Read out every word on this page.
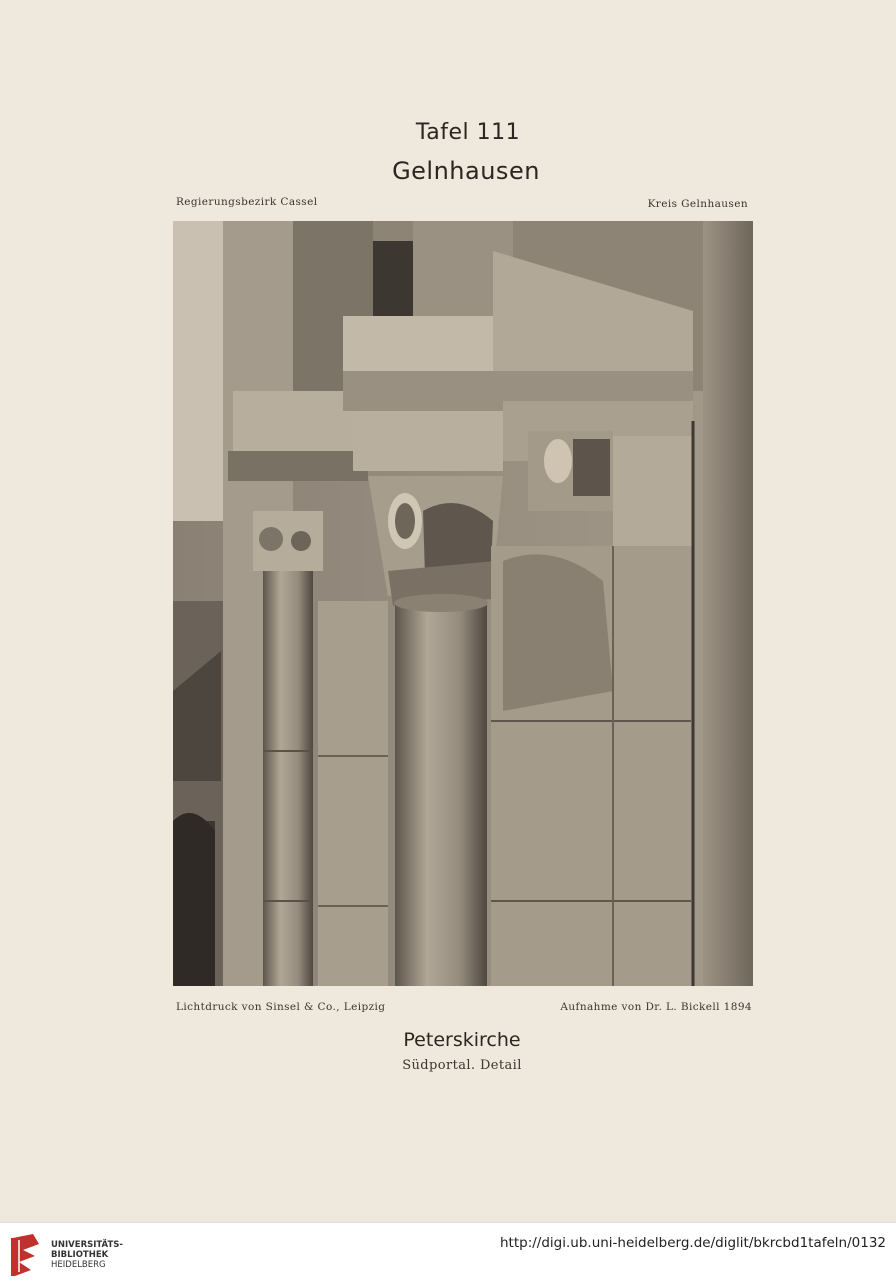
Tafel 111
Gelnhausen
Regierungsbezirk Cassel	Kreis Gelnhausen
Lichtdruck von Sinsel & Co., Leipzig	Aufnahme von Dr. L. Bickell 1894
Peterskirche
Südportal. Detail
UNIVERSITÄTS-
BIBLIOTHEK
HEIDELBERG
http://digi.ub.uni-heidelberg.de/diglit/bkrcbd1tafeln/0132
